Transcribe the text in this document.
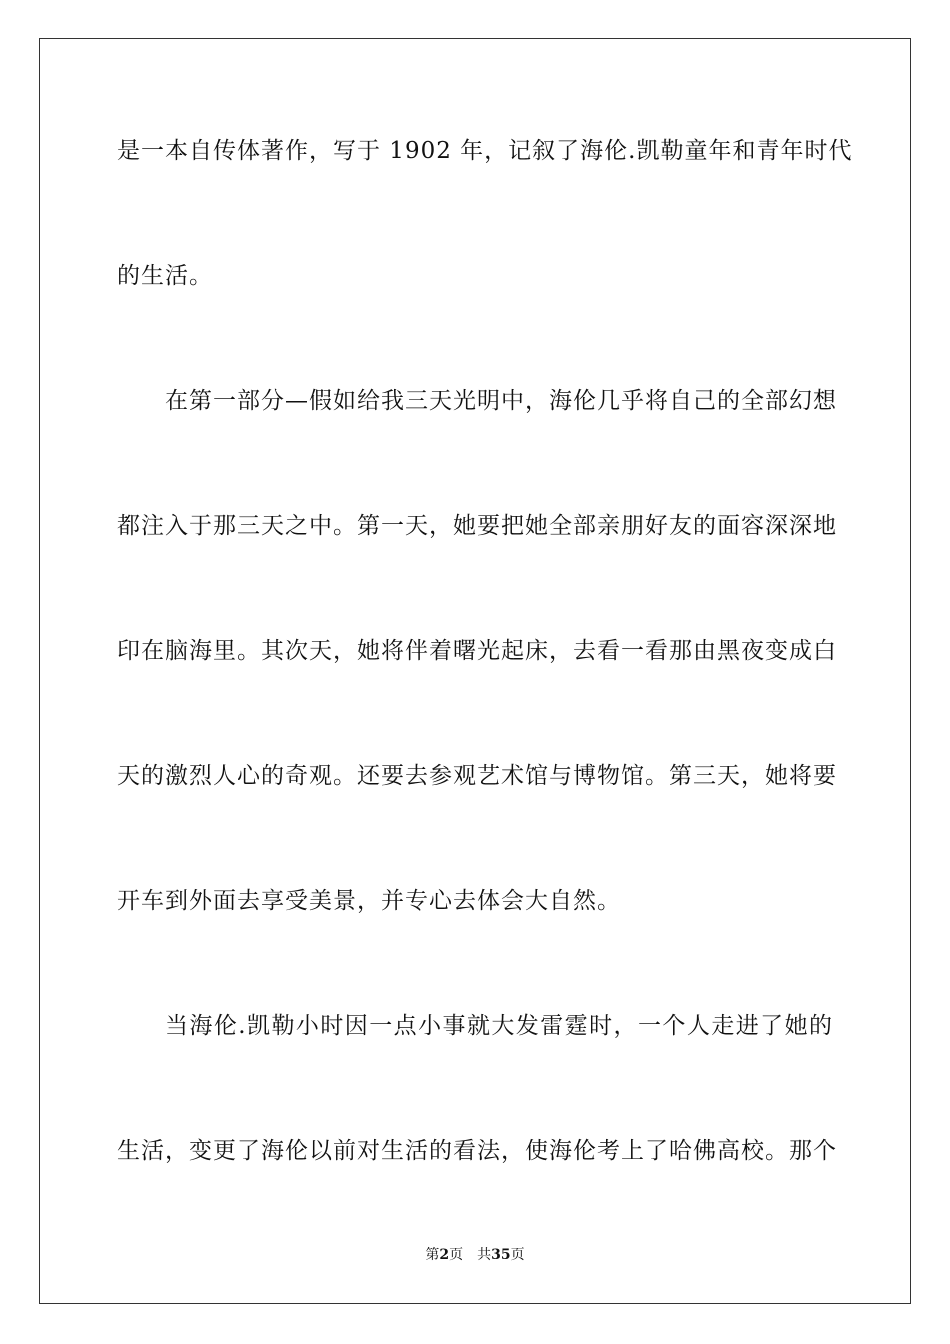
是一本自传体著作，写于 1902 年，记叙了海伦.凯勒童年和青年时代
的生活。
在第一部分—假如给我三天光明中，海伦几乎将自己的全部幻想
都注入于那三天之中。第一天，她要把她全部亲朋好友的面容深深地
印在脑海里。其次天，她将伴着曙光起床，去看一看那由黑夜变成白
天的激烈人心的奇观。还要去参观艺术馆与博物馆。第三天，她将要
开车到外面去享受美景，并专心去体会大自然。
当海伦.凯勒小时因一点小事就大发雷霆时，一个人走进了她的
生活，变更了海伦以前对生活的看法，使海伦考上了哈佛高校。那个
第2页 共35页
